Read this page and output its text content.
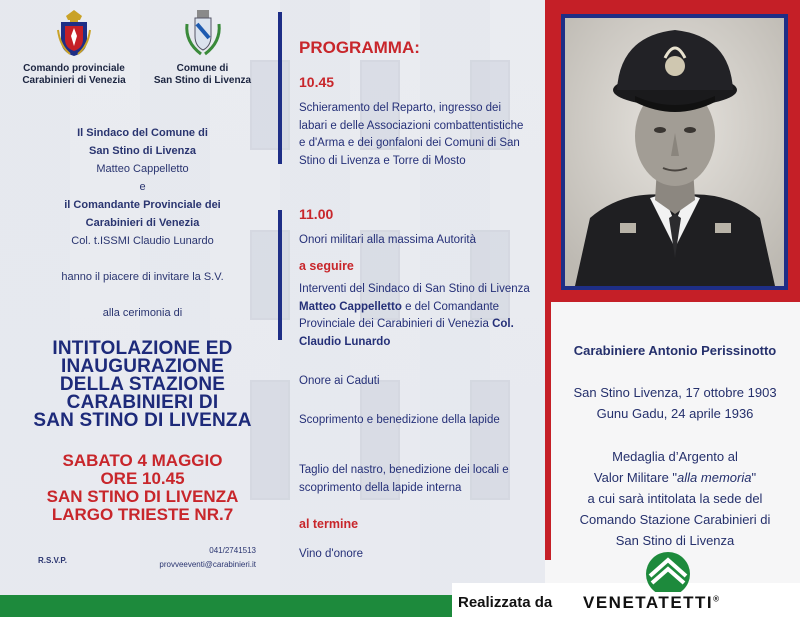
Comando provinciale
Carabinieri di Venezia
Comune di
San Stino di Livenza
Il Sindaco del Comune di
San Stino di Livenza
Matteo Cappelletto
e
il Comandante Provinciale dei
Carabinieri di Venezia
Col. t.ISSMI Claudio Lunardo
hanno il piacere di invitare la S.V.
alla cerimonia di
INTITOLAZIONE ED
INAUGURAZIONE
DELLA STAZIONE
CARABINIERI DI
SAN STINO DI LIVENZA
SABATO 4 MAGGIO
ORE 10.45
SAN STINO DI LIVENZA
LARGO TRIESTE NR.7
R.S.V.P.
041/2741513
provveeventi@carabinieri.it
PROGRAMMA:
10.45
Schieramento del Reparto, ingresso dei labari e delle Associazioni combattentistiche e d'Arma e dei gonfaloni dei Comuni di San Stino di Livenza e Torre di Mosto
11.00
Onori militari alla massima Autorità
a seguire
Interventi del Sindaco di San Stino di Livenza Matteo Cappelletto e del Comandante Provinciale dei Carabinieri di Venezia Col. Claudio Lunardo
Onore ai Caduti
Scoprimento e benedizione della lapide
Taglio del nastro, benedizione dei locali e scoprimento della lapide interna
al termine
Vino d'onore
Carabiniere Antonio Perissinotto
San Stino Livenza, 17 ottobre 1903
Gunu Gadu, 24 aprile 1936
Medaglia d’Argento al
Valor Militare "alla memoria"
a cui sarà intitolata la sede del
Comando Stazione Carabinieri di
San Stino di Livenza
Realizzata da VENETATETTI®
